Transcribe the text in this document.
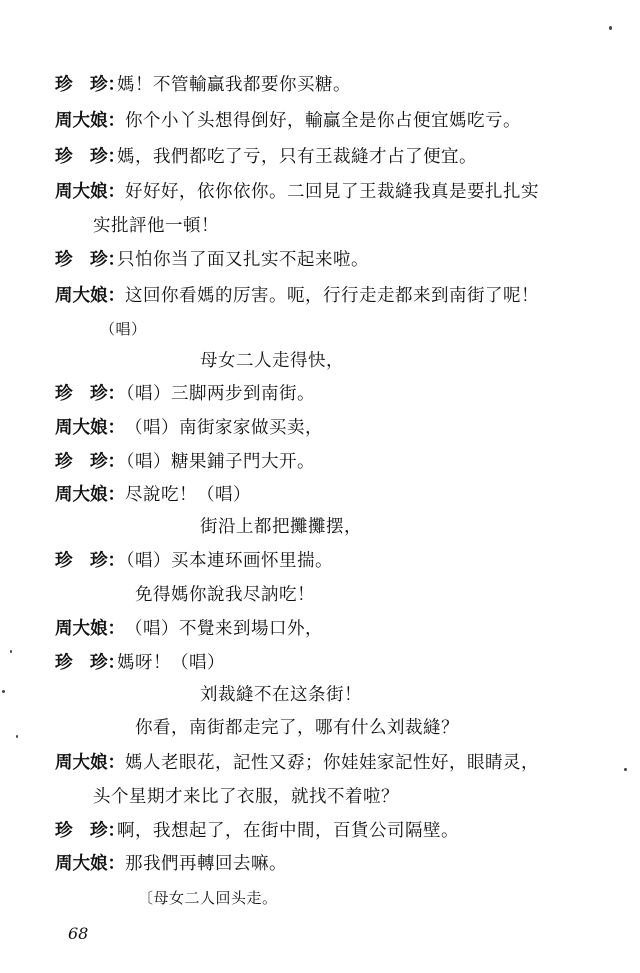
珍　珍：媽！不管輸贏我都要你买糖。
周大娘：你个小丫头想得倒好，輸贏全是你占便宜媽吃亏。
珍　珍：媽，我們都吃了亏，只有王裁縫才占了便宜。
周大娘：好好好，依你依你。二回見了王裁縫我真是要扎扎实
实批評他一頓！
珍　珍：只怕你当了面又扎实不起来啦。
周大娘：这回你看媽的厉害。呃，行行走走都来到南街了呢！
（唱）
母女二人走得快，
珍　珍：（唱）三脚两步到南街。
周大娘：（唱）南街家家做买卖，
珍　珍：（唱）糖果鋪子門大开。
周大娘：尽說吃！（唱）
街沿上都把攤攤摆，
珍　珍：（唱）买本連环画怀里揣。
免得媽你說我尽訥吃！
周大娘：（唱）不覺来到場口外，
珍　珍：媽呀！（唱）
刘裁縫不在这条街！
你看，南街都走完了，哪有什么刘裁縫？
周大娘：媽人老眼花，記性又孬；你娃娃家記性好，眼睛灵，
头个星期才来比了衣服，就找不着啦？
珍　珍：啊，我想起了，在街中間，百貨公司隔壁。
周大娘：那我們再轉回去嘛。
〔母女二人回头走。
68
